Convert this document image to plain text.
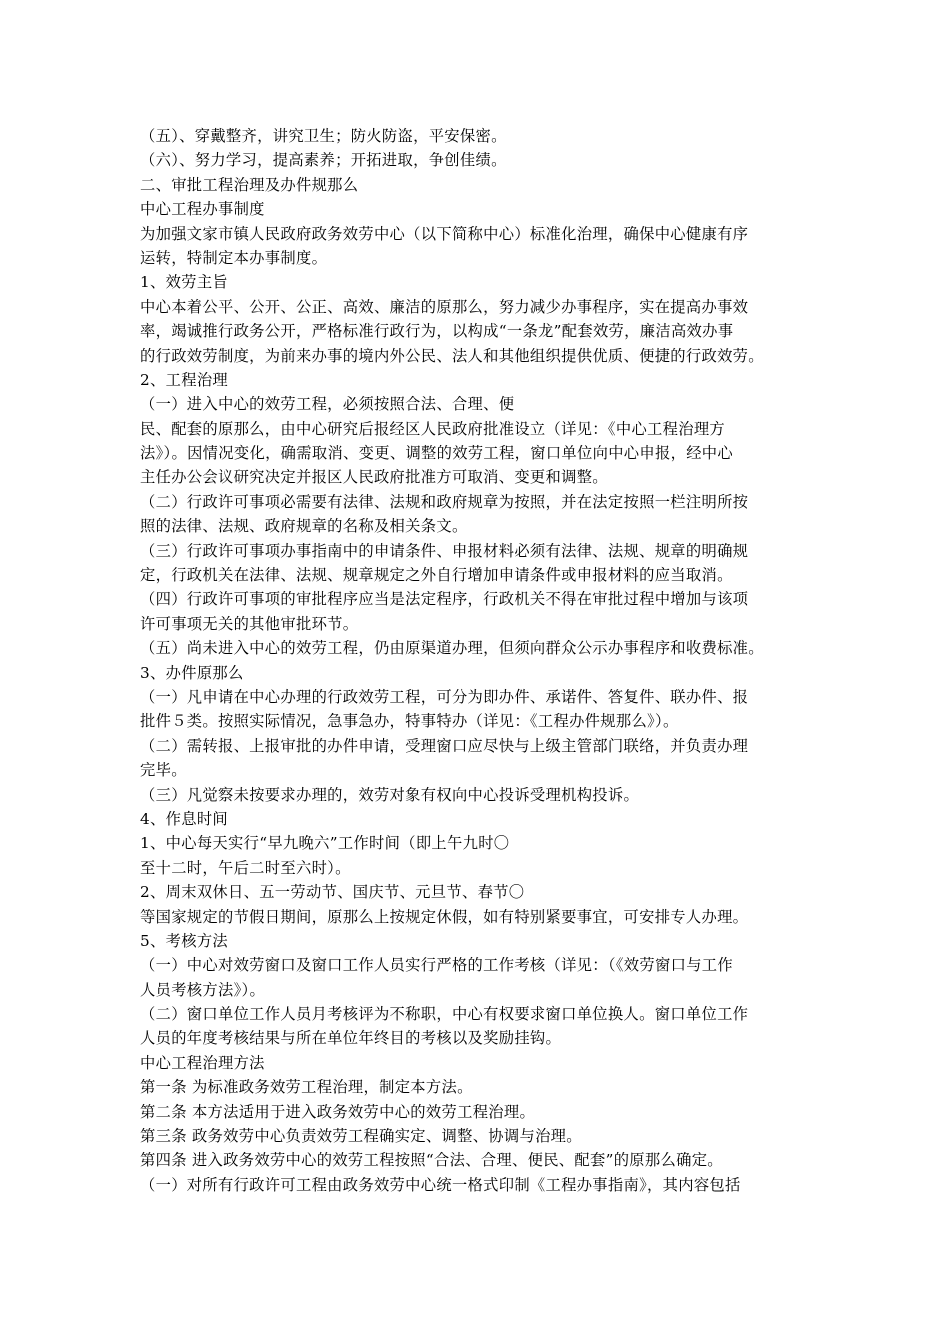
（五）、穿戴整齐，讲究卫生；防火防盗，平安保密。
（六）、努力学习，提高素养；开拓进取，争创佳绩。
二、审批工程治理及办件规那么
中心工程办事制度
为加强文家市镇人民政府政务效劳中心（以下简称中心）标准化治理，确保中心健康有序
运转，特制定本办事制度。
1、效劳主旨
中心本着公平、公开、公正、高效、廉洁的原那么，努力减少办事程序，实在提高办事效
率，竭诚推行政务公开，严格标准行政行为，以构成“一条龙”配套效劳，廉洁高效办事
的行政效劳制度，为前来办事的境内外公民、法人和其他组织提供优质、便捷的行政效劳。
2、工程治理
（一）进入中心的效劳工程，必须按照合法、合理、便
民、配套的原那么，由中心研究后报经区人民政府批准设立（详见：《中心工程治理方
法》）。因情况变化，确需取消、变更、调整的效劳工程，窗口单位向中心申报，经中心
主任办公会议研究决定并报区人民政府批准方可取消、变更和调整。
（二）行政许可事项必需要有法律、法规和政府规章为按照，并在法定按照一栏注明所按
照的法律、法规、政府规章的名称及相关条文。
（三）行政许可事项办事指南中的申请条件、申报材料必须有法律、法规、规章的明确规
定，行政机关在法律、法规、规章规定之外自行增加申请条件或申报材料的应当取消。
（四）行政许可事项的审批程序应当是法定程序，行政机关不得在审批过程中增加与该项
许可事项无关的其他审批环节。
（五）尚未进入中心的效劳工程，仍由原渠道办理，但须向群众公示办事程序和收费标准。
3、办件原那么
（一）凡申请在中心办理的行政效劳工程，可分为即办件、承诺件、答复件、联办件、报
批件５类。按照实际情况，急事急办，特事特办（详见：《工程办件规那么》）。
（二）需转报、上报审批的办件申请，受理窗口应尽快与上级主管部门联络，并负责办理
完毕。
（三）凡觉察未按要求办理的，效劳对象有权向中心投诉受理机构投诉。
4、作息时间
1、中心每天实行“早九晚六”工作时间（即上午九时〇
至十二时，午后二时至六时）。
2、周末双休日、五一劳动节、国庆节、元旦节、春节〇
等国家规定的节假日期间，原那么上按规定休假，如有特别紧要事宜，可安排专人办理。
5、考核方法
（一）中心对效劳窗口及窗口工作人员实行严格的工作考核（详见：（《效劳窗口与工作
人员考核方法》）。
（二）窗口单位工作人员月考核评为不称职，中心有权要求窗口单位换人。窗口单位工作
人员的年度考核结果与所在单位年终目的考核以及奖励挂钩。
中心工程治理方法
第一条 为标准政务效劳工程治理，制定本方法。
第二条 本方法适用于进入政务效劳中心的效劳工程治理。
第三条 政务效劳中心负责效劳工程确实定、调整、协调与治理。
第四条 进入政务效劳中心的效劳工程按照“合法、合理、便民、配套”的原那么确定。
（一）对所有行政许可工程由政务效劳中心统一格式印制《工程办事指南》，其内容包括
